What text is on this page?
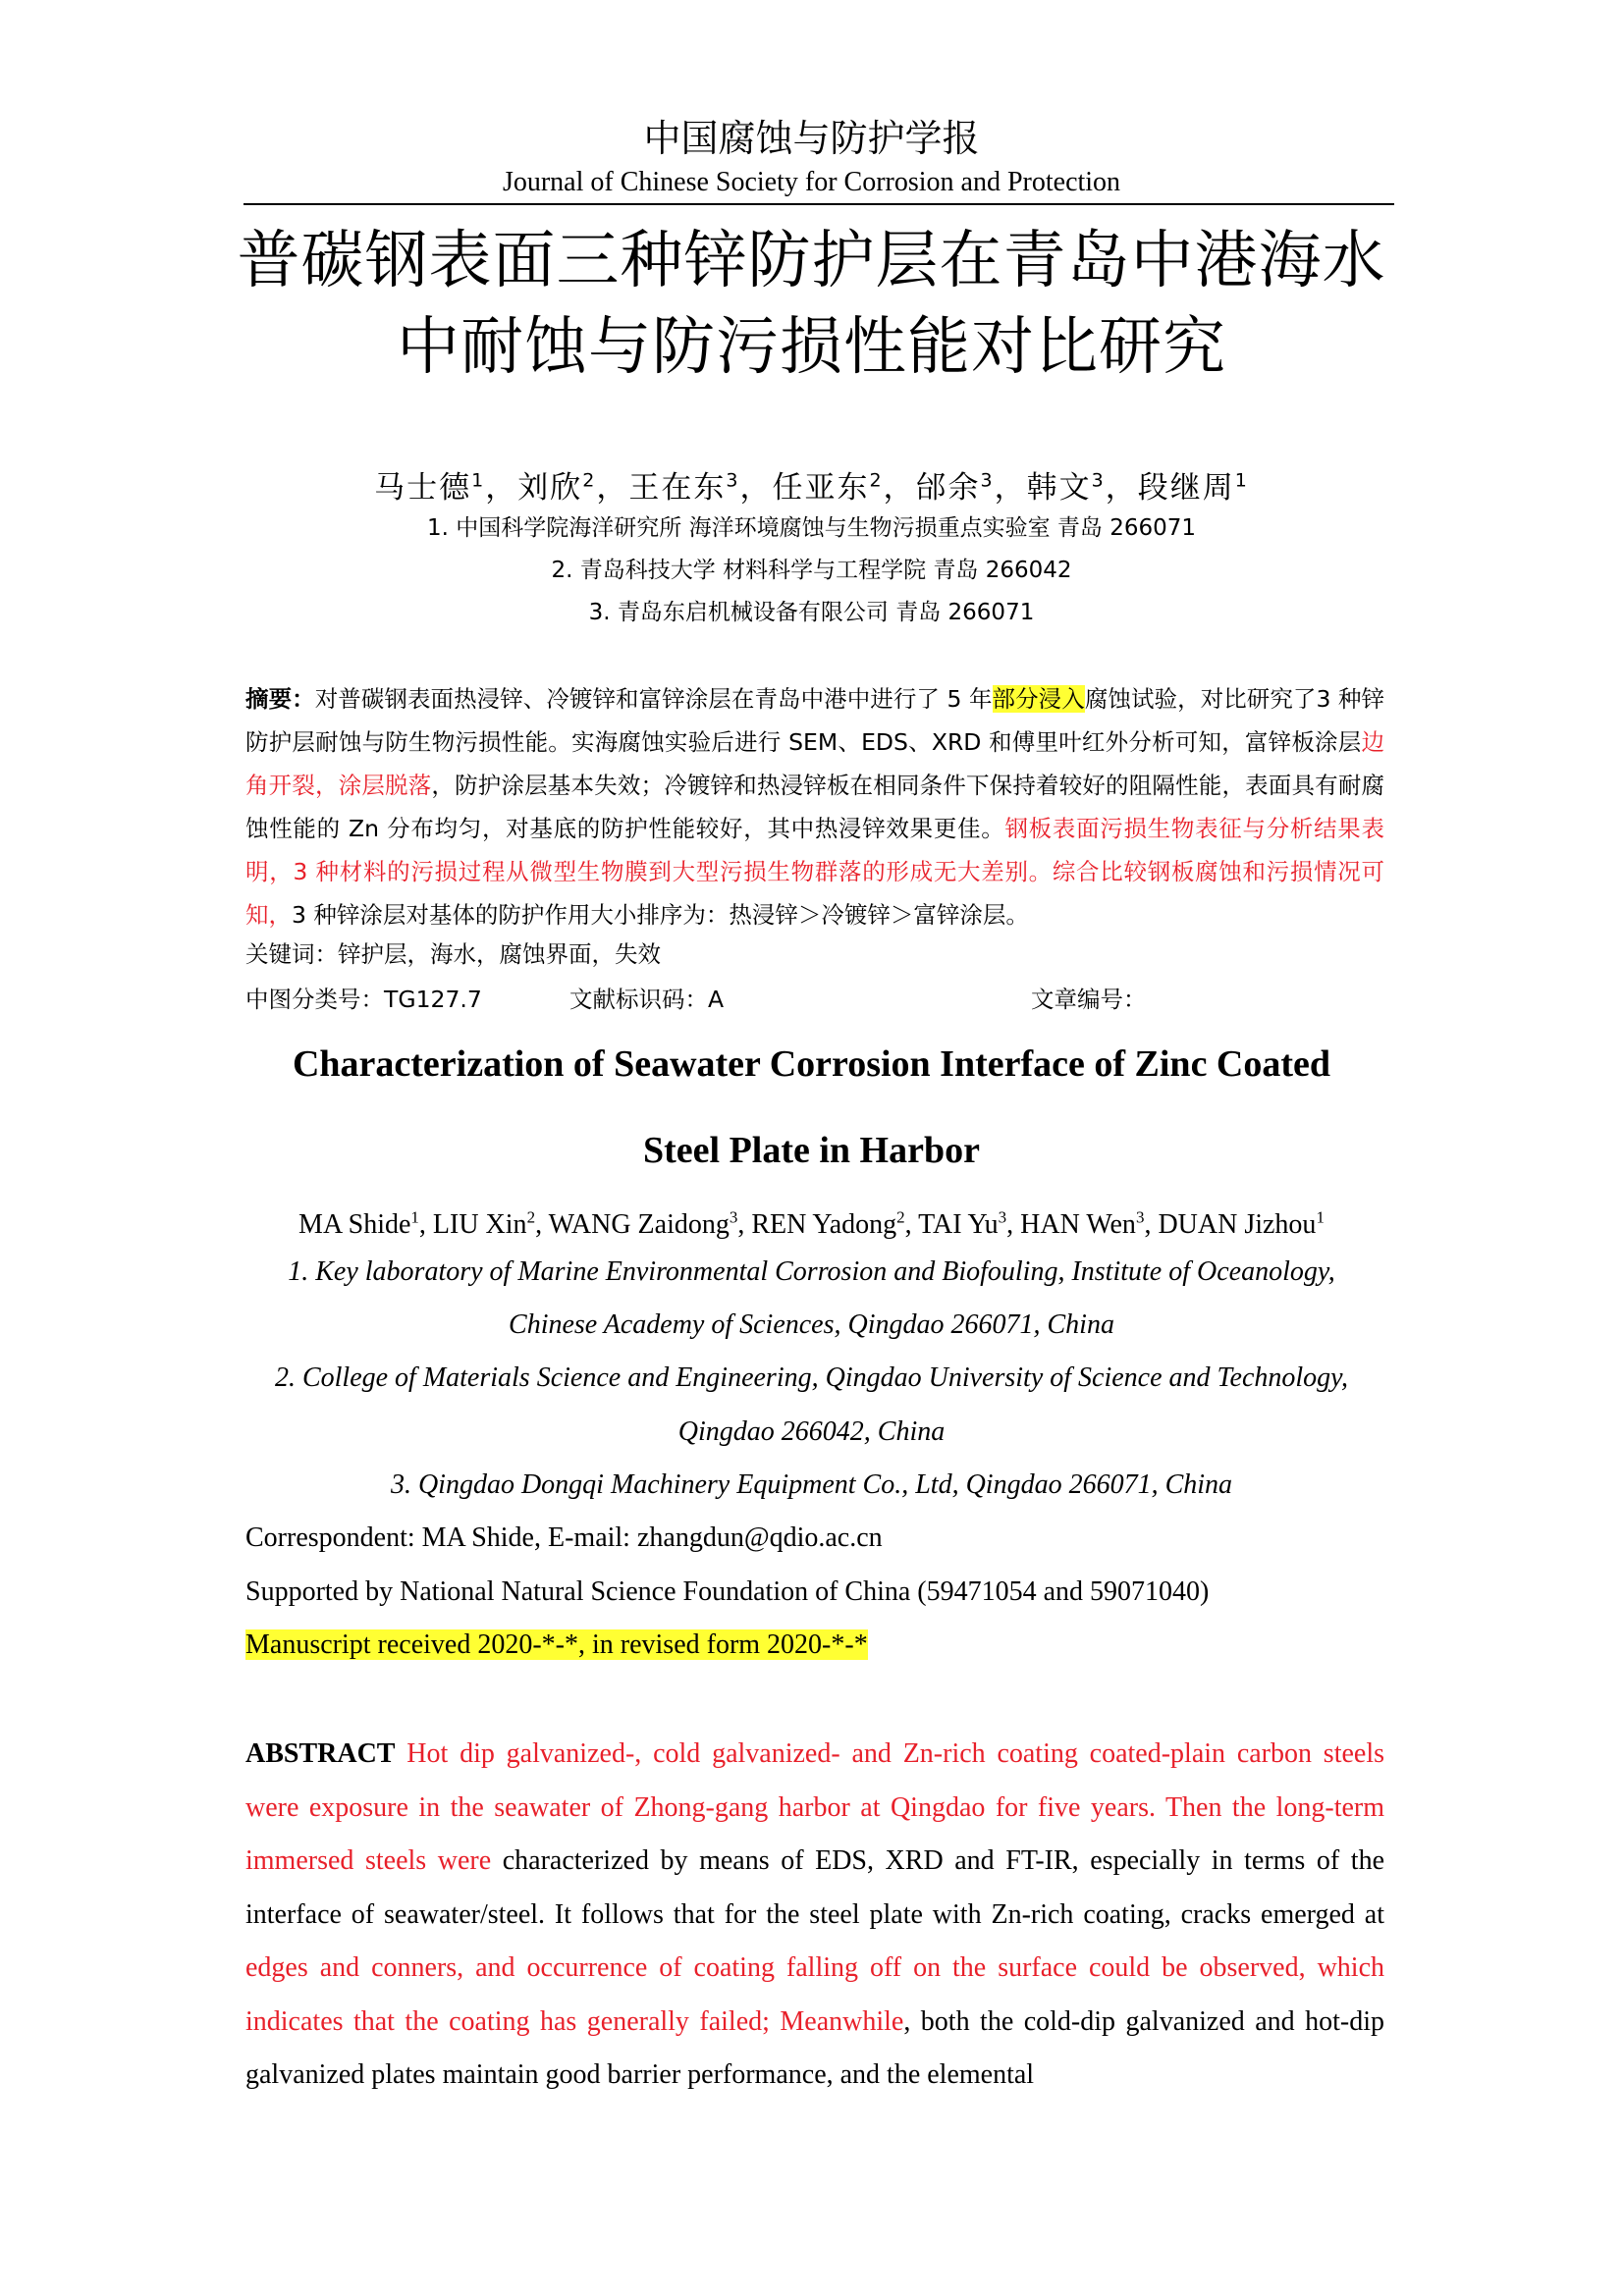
中国腐蚀与防护学报
Journal of Chinese Society for Corrosion and Protection
普碳钢表面三种锌防护层在青岛中港海水
中耐蚀与防污损性能对比研究
马士德$^1$，刘欣$^2$，王在东$^3$，任亚东$^2$，邰余$^3$，韩文$^3$，段继周$^1$
1. 中国科学院海洋研究所 海洋环境腐蚀与生物污损重点实验室 青岛 266071
2. 青岛科技大学 材料科学与工程学院 青岛 266042
3. 青岛东启机械设备有限公司 青岛 266071
摘要：对普碳钢表面热浸锌、冷镀锌和富锌涂层在青岛中港中进行了 5 年部分浸入腐蚀试验，对比研究了3 种锌防护层耐蚀与防生物污损性能。实海腐蚀实验后进行 SEM、EDS、XRD 和傅里叶红外分析可知，富锌板涂层边角开裂，涂层脱落，防护涂层基本失效；冷镀锌和热浸锌板在相同条件下保持着较好的阻隔性能，表面具有耐腐蚀性能的 Zn 分布均匀，对基底的防护性能较好，其中热浸锌效果更佳。钢板表面污损生物表征与分析结果表明，3 种材料的污损过程从微型生物膜到大型污损生物群落的形成无大差别。综合比较钢板腐蚀和污损情况可知，3 种锌涂层对基体的防护作用大小排序为：热浸锌＞冷镀锌＞富锌涂层。
关键词：锌护层，海水，腐蚀界面，失效
中图分类号：TG127.7	文献标识码：A	文章编号：
Characterization of Seawater Corrosion Interface of Zinc Coated
Steel Plate in Harbor
MA Shide$^1$, LIU Xin$^2$, WANG Zaidong$^3$, REN Yadong$^2$, TAI Yu$^3$, HAN Wen$^3$, DUAN Jizhou$^1$
1. Key laboratory of Marine Environmental Corrosion and Biofouling, Institute of Oceanology,
Chinese Academy of Sciences, Qingdao 266071, China
2. College of Materials Science and Engineering, Qingdao University of Science and Technology,
Qingdao 266042, China
3. Qingdao Dongqi Machinery Equipment Co., Ltd, Qingdao 266071, China
Correspondent: MA Shide, E-mail: zhangdun@qdio.ac.cn
Supported by National Natural Science Foundation of China (59471054 and 59071040)
Manuscript received 2020-*-*, in revised form 2020-*-*
ABSTRACT Hot dip galvanized-, cold galvanized- and Zn-rich coating coated-plain carbon steels were exposure in the seawater of Zhong-gang harbor at Qingdao for five years. Then the long-term immersed steels were characterized by means of EDS, XRD and FT-IR, especially in terms of the interface of seawater/steel. It follows that for the steel plate with Zn-rich coating, cracks emerged at edges and conners, and occurrence of coating falling off on the surface could be observed, which indicates that the coating has generally failed; Meanwhile, both the cold-dip galvanized and hot-dip galvanized plates maintain good barrier performance, and the elemental
